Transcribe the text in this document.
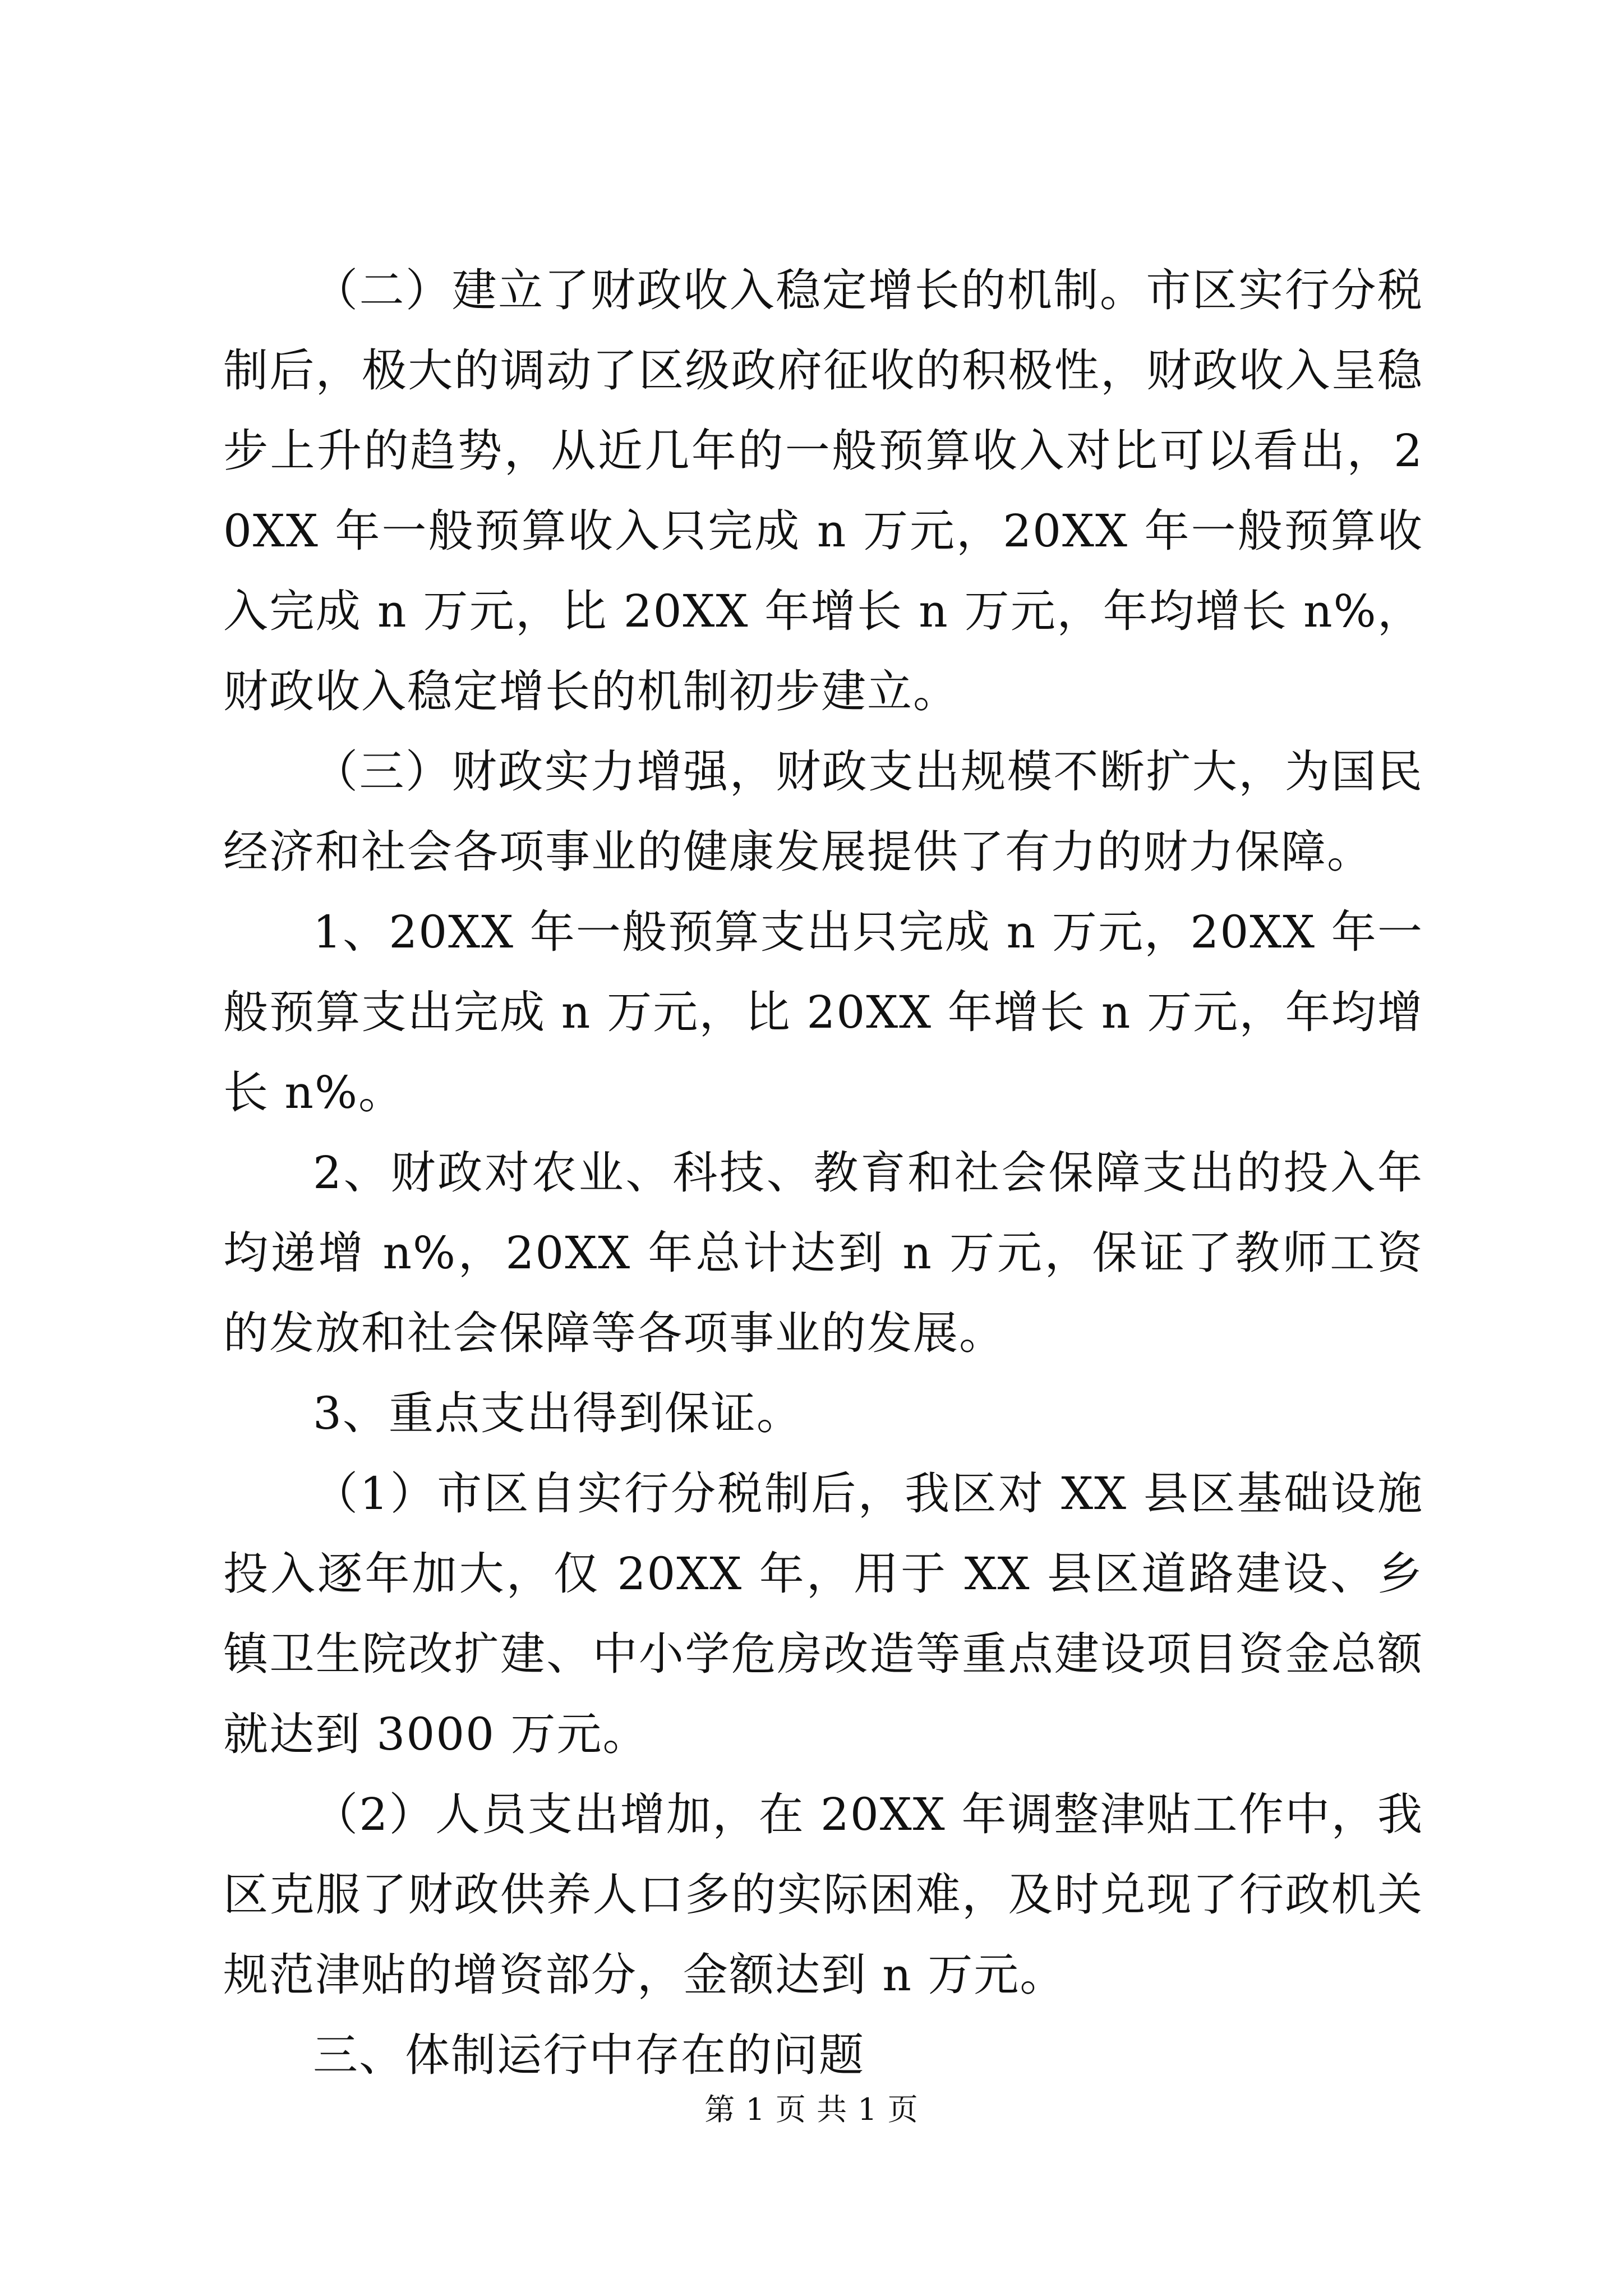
（二）建立了财政收入稳定增长的机制。市区实行分税制后，极大的调动了区级政府征收的积极性，财政收入呈稳步上升的趋势，从近几年的一般预算收入对比可以看出，20XX 年一般预算收入只完成 n 万元，20XX 年一般预算收入完成 n 万元，比 20XX 年增长 n 万元，年均增长 n%，财政收入稳定增长的机制初步建立。

（三）财政实力增强，财政支出规模不断扩大，为国民经济和社会各项事业的健康发展提供了有力的财力保障。

1、20XX 年一般预算支出只完成 n 万元，20XX 年一般预算支出完成 n 万元，比 20XX 年增长 n 万元，年均增长 n%。

2、财政对农业、科技、教育和社会保障支出的投入年均递增 n%，20XX 年总计达到 n 万元，保证了教师工资的发放和社会保障等各项事业的发展。

3、重点支出得到保证。

（1）市区自实行分税制后，我区对 XX 县区基础设施投入逐年加大，仅 20XX 年，用于 XX 县区道路建设、乡镇卫生院改扩建、中小学危房改造等重点建设项目资金总额就达到 3000 万元。

（2）人员支出增加，在 20XX 年调整津贴工作中，我区克服了财政供养人口多的实际困难，及时兑现了行政机关规范津贴的增资部分，金额达到 n 万元。

三、体制运行中存在的问题

第 1 页 共 1 页
